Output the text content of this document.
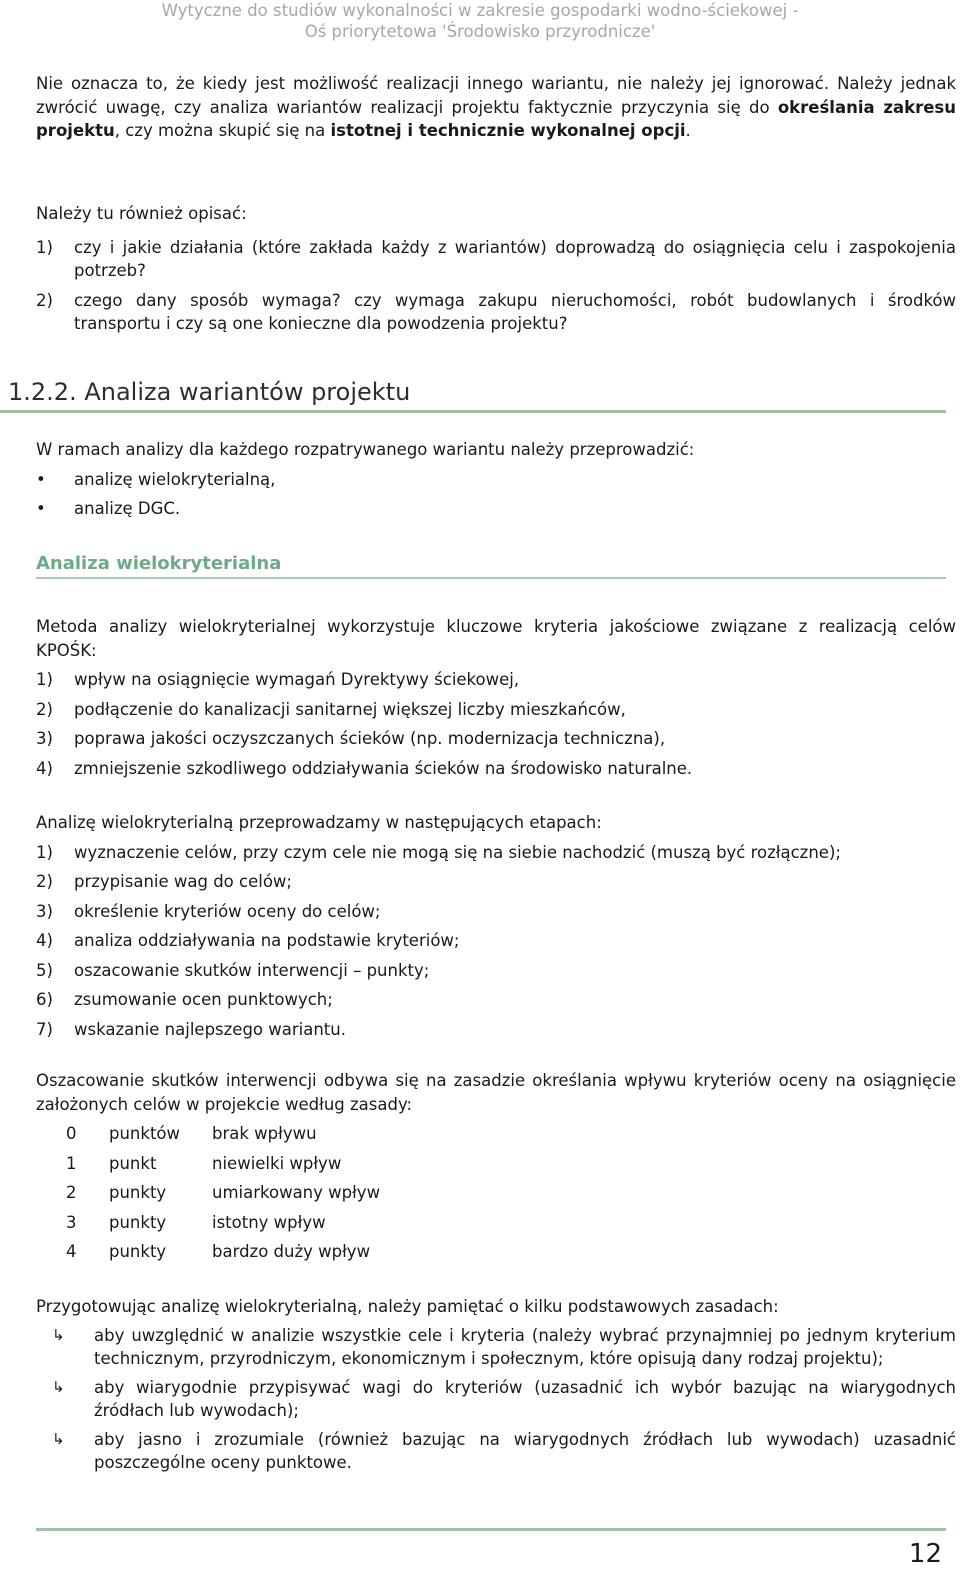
Wytyczne do studiów wykonalności w zakresie gospodarki wodno-ściekowej -
Oś priorytetowa 'Środowisko przyrodnicze'
Nie oznacza to, że kiedy jest możliwość realizacji innego wariantu, nie należy jej ignorować. Należy jednak zwrócić uwagę, czy analiza wariantów realizacji projektu faktycznie przyczynia się do określania zakresu projektu, czy można skupić się na istotnej i technicznie wykonalnej opcji.
Należy tu również opisać:
1) czy i jakie działania (które zakłada każdy z wariantów) doprowadzą do osiągnięcia celu i zaspokojenia potrzeb?
2) czego dany sposób wymaga? czy wymaga zakupu nieruchomości, robót budowlanych i środków transportu i czy są one konieczne dla powodzenia projektu?
1.2.2. Analiza wariantów projektu
W ramach analizy dla każdego rozpatrywanego wariantu należy przeprowadzić:
• analizę wielokryterialną,
• analizę DGC.
Analiza wielokryterialna
Metoda analizy wielokryterialnej wykorzystuje kluczowe kryteria jakościowe związane z realizacją celów KPOŚK:
1) wpływ na osiągnięcie wymagań Dyrektywy ściekowej,
2) podłączenie do kanalizacji sanitarnej większej liczby mieszkańców,
3) poprawa jakości oczyszczanych ścieków (np. modernizacja techniczna),
4) zmniejszenie szkodliwego oddziaływania ścieków na środowisko naturalne.
Analizę wielokryterialną przeprowadzamy w następujących etapach:
1) wyznaczenie celów, przy czym cele nie mogą się na siebie nachodzić (muszą być rozłączne);
2) przypisanie wag do celów;
3) określenie kryteriów oceny do celów;
4) analiza oddziaływania na podstawie kryteriów;
5) oszacowanie skutków interwencji – punkty;
6) zsumowanie ocen punktowych;
7) wskazanie najlepszego wariantu.
Oszacowanie skutków interwencji odbywa się na zasadzie określania wpływu kryteriów oceny na osiągnięcie założonych celów w projekcie według zasady:
0 punktów brak wpływu
1 punkt	niewielki wpływ
2 punkty	umiarkowany wpływ
3 punkty	istotny wpływ
4 punkty	bardzo duży wpływ
Przygotowując analizę wielokryterialną, należy pamiętać o kilku podstawowych zasadach:
↳ aby uwzględnić w analizie wszystkie cele i kryteria (należy wybrać przynajmniej po jednym kryterium technicznym, przyrodniczym, ekonomicznym i społecznym, które opisują dany rodzaj projektu);
↳ aby wiarygodnie przypisywać wagi do kryteriów (uzasadnić ich wybór bazując na wiarygodnych źródłach lub wywodach);
↳ aby jasno i zrozumiale (również bazując na wiarygodnych źródłach lub wywodach) uzasadnić poszczególne oceny punktowe.
12
